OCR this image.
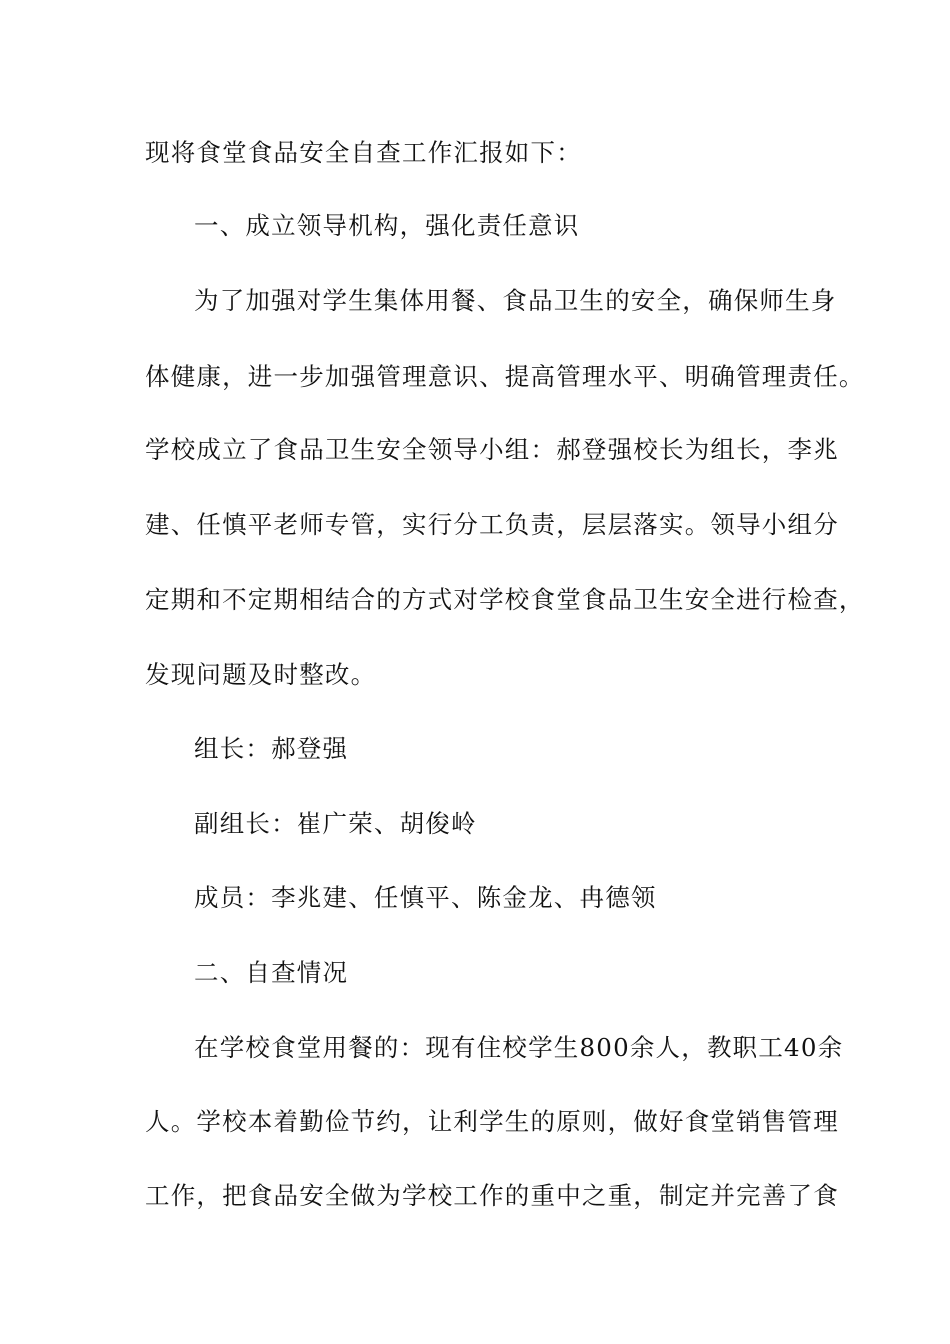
现将食堂食品安全自查工作汇报如下：
一、成立领导机构，强化责任意识
为了加强对学生集体用餐、食品卫生的安全，确保师生身
体健康，进一步加强管理意识、提高管理水平、明确管理责任。
学校成立了食品卫生安全领导小组：郝登强校长为组长，李兆
建、任慎平老师专管，实行分工负责，层层落实。领导小组分
定期和不定期相结合的方式对学校食堂食品卫生安全进行检查，
发现问题及时整改。
组长：郝登强
副组长：崔广荣、胡俊岭
成员：李兆建、任慎平、陈金龙、冉德领
二、自查情况
在学校食堂用餐的：现有住校学生800余人，教职工40余
人。学校本着勤俭节约，让利学生的原则，做好食堂销售管理
工作，把食品安全做为学校工作的重中之重，制定并完善了食
